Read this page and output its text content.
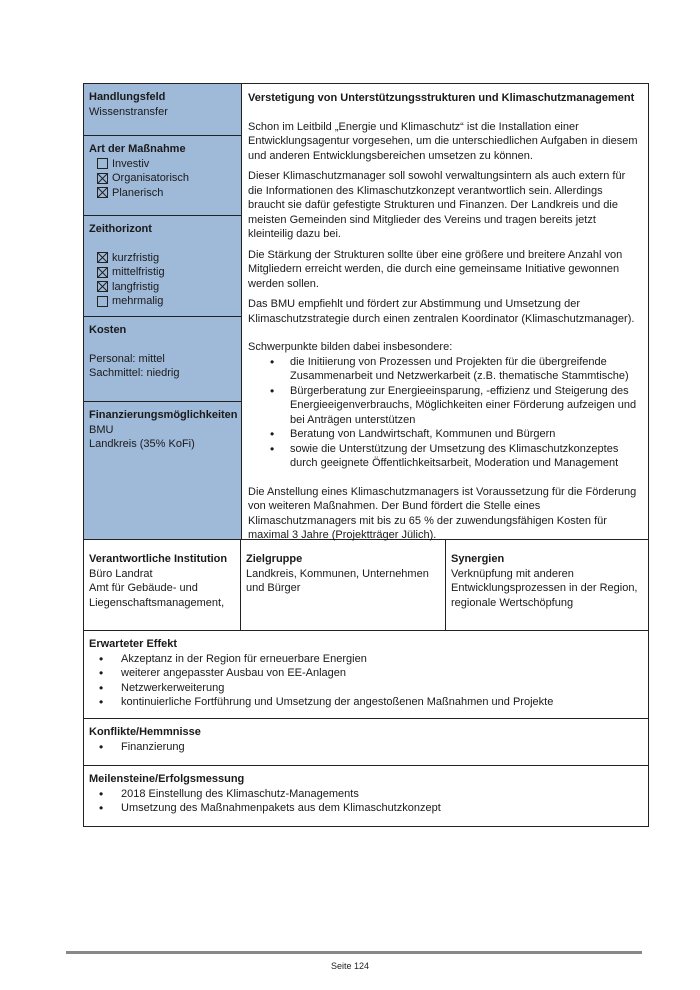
Handlungsfeld
Wissenstransfer
Art der Maßnahme
Investiv
Organisatorisch
Planerisch
Zeithorizont
kurzfristig
mittelfristig
langfristig
mehrmalig
Kosten
Personal: mittel
Sachmittel: niedrig
Finanzierungsmöglichkeiten
BMU
Landkreis (35% KoFi)

Verstetigung von Unterstützungsstrukturen und Klimaschutzmanagement

Schon im Leitbild „Energie und Klimaschutz“ ist die Installation einer Entwicklungsagentur vorgesehen, um die unterschiedlichen Aufgaben in diesem und anderen Entwicklungsbereichen umsetzen zu können.

Dieser Klimaschutzmanager soll sowohl verwaltungsintern als auch extern für die Informationen des Klimaschutzkonzept verantwortlich sein. Allerdings braucht sie dafür gefestigte Strukturen und Finanzen. Der Landkreis und die meisten Gemeinden sind Mitglieder des Vereins und tragen bereits jetzt kleinteilig dazu bei.

Die Stärkung der Strukturen sollte über eine größere und breitere Anzahl von Mitgliedern erreicht werden, die durch eine gemeinsame Initiative gewonnen werden sollen.

Das BMU empfiehlt und fördert zur Abstimmung und Umsetzung der Klimaschutzstrategie durch einen zentralen Koordinator (Klimaschutzmanager).

Schwerpunkte bilden dabei insbesondere:

• die Initiierung von Prozessen und Projekten für die übergreifende Zusammenarbeit und Netzwerkarbeit (z.B. thematische Stammtische)
• Bürgerberatung zur Energieeinsparung, -effizienz und Steigerung des Energieeigenverbrauchs, Möglichkeiten einer Förderung aufzeigen und bei Anträgen unterstützen
• Beratung von Landwirtschaft, Kommunen und Bürgern
• sowie die Unterstützung der Umsetzung des Klimaschutzkonzeptes durch geeignete Öffentlichkeitsarbeit, Moderation und Management

Die Anstellung eines Klimaschutzmanagers ist Voraussetzung für die Förderung von weiteren Maßnahmen. Der Bund fördert die Stelle eines Klimaschutzmanagers mit bis zu 65 % der zuwendungsfähigen Kosten für maximal 3 Jahre (Projektträger Jülich).

Verantwortliche Institution
Büro Landrat
Amt für Gebäude- und Liegenschaftsmanagement,
Zielgruppe
Landkreis, Kommunen, Unternehmen und Bürger
Synergien
Verknüpfung mit anderen Entwicklungsprozessen in der Region, regionale Wertschöpfung
Erwarteter Effekt
• Akzeptanz in der Region für erneuerbare Energien
• weiterer angepasster Ausbau von EE-Anlagen
• Netzwerkerweiterung
• kontinuierliche Fortführung und Umsetzung der angestoßenen Maßnahmen und Projekte
Konflikte/Hemmnisse
• Finanzierung
Meilensteine/Erfolgsmessung
• 2018 Einstellung des Klimaschutz-Managements
• Umsetzung des Maßnahmenpakets aus dem Klimaschutzkonzept
Seite 124
